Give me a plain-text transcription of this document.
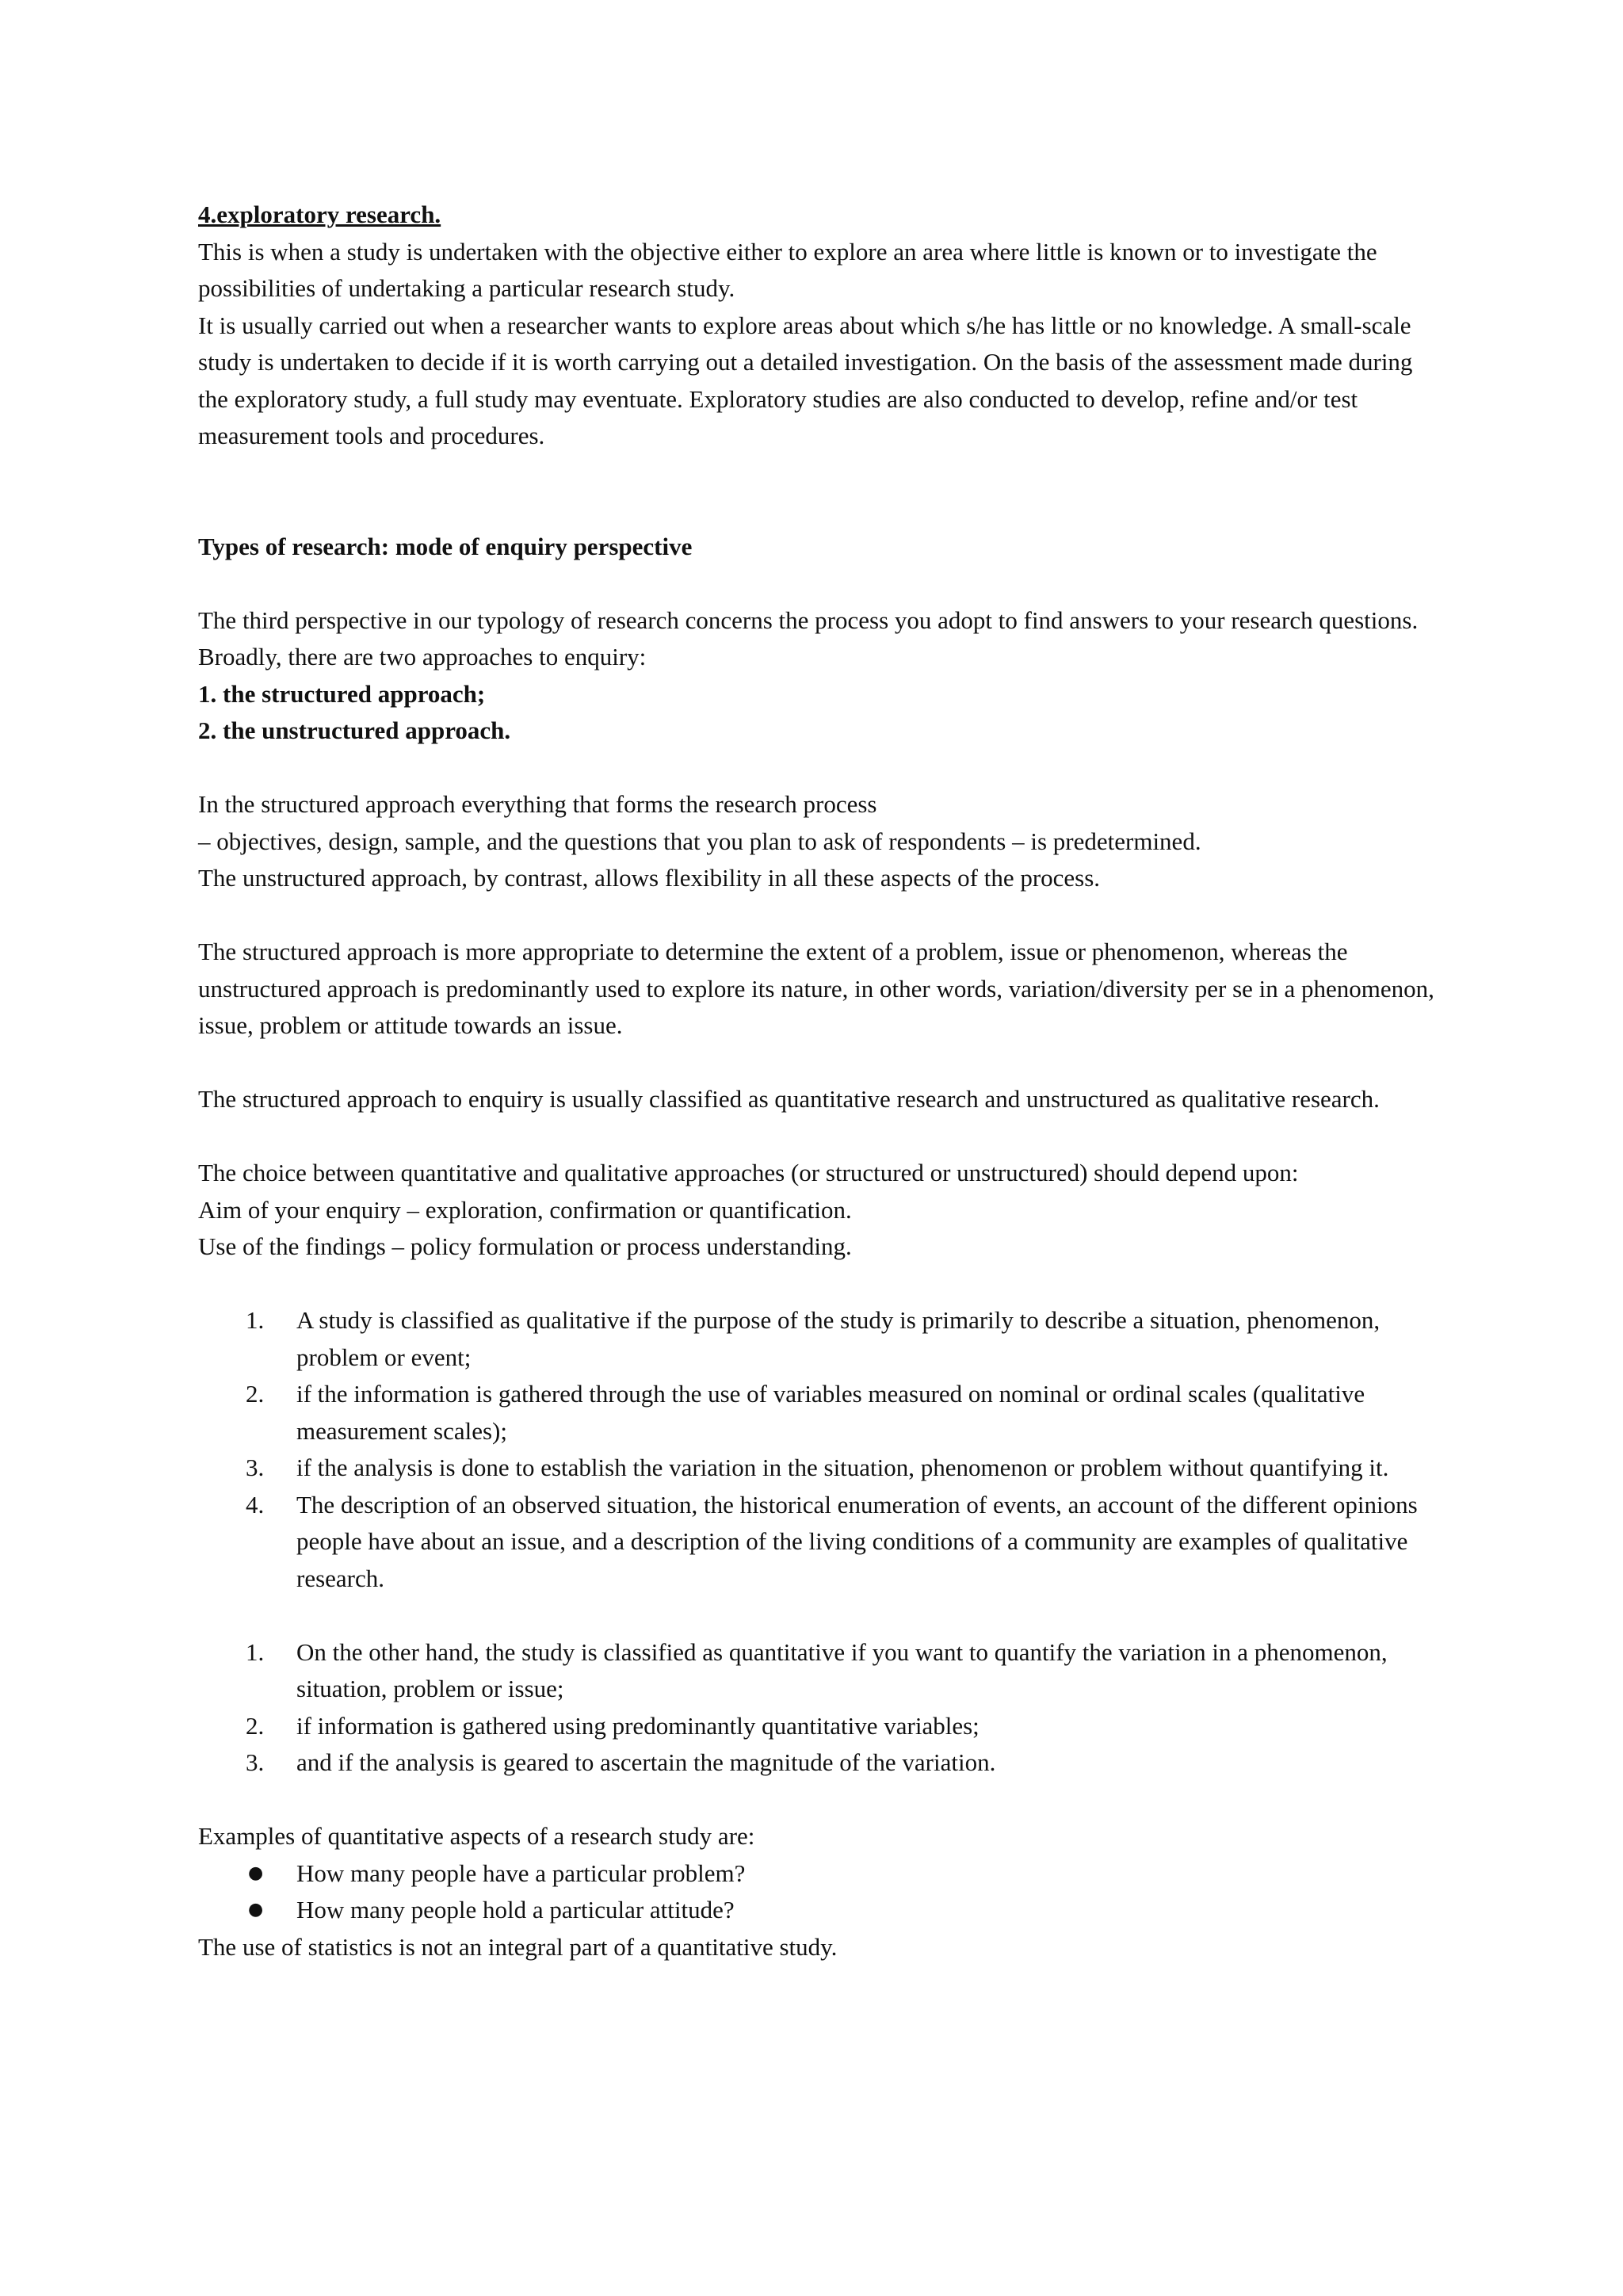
4.exploratory research.

This is when a study is undertaken with the objective either to explore an area where little is known or to investigate the possibilities of undertaking a particular research study.

It is usually carried out when a researcher wants to explore areas about which s/he has little or no knowledge. A small-scale study is undertaken to decide if it is worth carrying out a detailed investigation. On the basis of the assessment made during the exploratory study, a full study may eventuate. Exploratory studies are also conducted to develop, refine and/or test measurement tools and procedures.

Types of research: mode of enquiry perspective

The third perspective in our typology of research concerns the process you adopt to find answers to your research questions.

Broadly, there are two approaches to enquiry:

1. the structured approach;

2. the unstructured approach.

In the structured approach everything that forms the research process

– objectives, design, sample, and the questions that you plan to ask of respondents – is predetermined.

The unstructured approach, by contrast, allows flexibility in all these aspects of the process.

The structured approach is more appropriate to determine the extent of a problem, issue or phenomenon, whereas the unstructured approach is predominantly used to explore its nature, in other words, variation/diversity per se in a phenomenon, issue, problem or attitude towards an issue.

The structured approach to enquiry is usually classified as quantitative research and unstructured as qualitative research.

The choice between quantitative and qualitative approaches (or structured or unstructured) should depend upon:

Aim of your enquiry – exploration, confirmation or quantification.

Use of the findings – policy formulation or process understanding.

1.	A study is classified as qualitative if the purpose of the study is primarily to describe a situation, phenomenon, problem or event;
2.	if the information is gathered through the use of variables measured on nominal or ordinal scales (qualitative measurement scales);
3.	if the analysis is done to establish the variation in the situation, phenomenon or problem without quantifying it.
4.	The description of an observed situation, the historical enumeration of events, an account of the different opinions people have about an issue, and a description of the living conditions of a community are examples of qualitative research.
1.	On the other hand, the study is classified as quantitative if you want to quantify the variation in a phenomenon, situation, problem or issue;
2.	if information is gathered using predominantly quantitative variables;
3.	and if the analysis is geared to ascertain the magnitude of the variation.

Examples of quantitative aspects of a research study are:

● How many people have a particular problem?
● How many people hold a particular attitude?

The use of statistics is not an integral part of a quantitative study.
